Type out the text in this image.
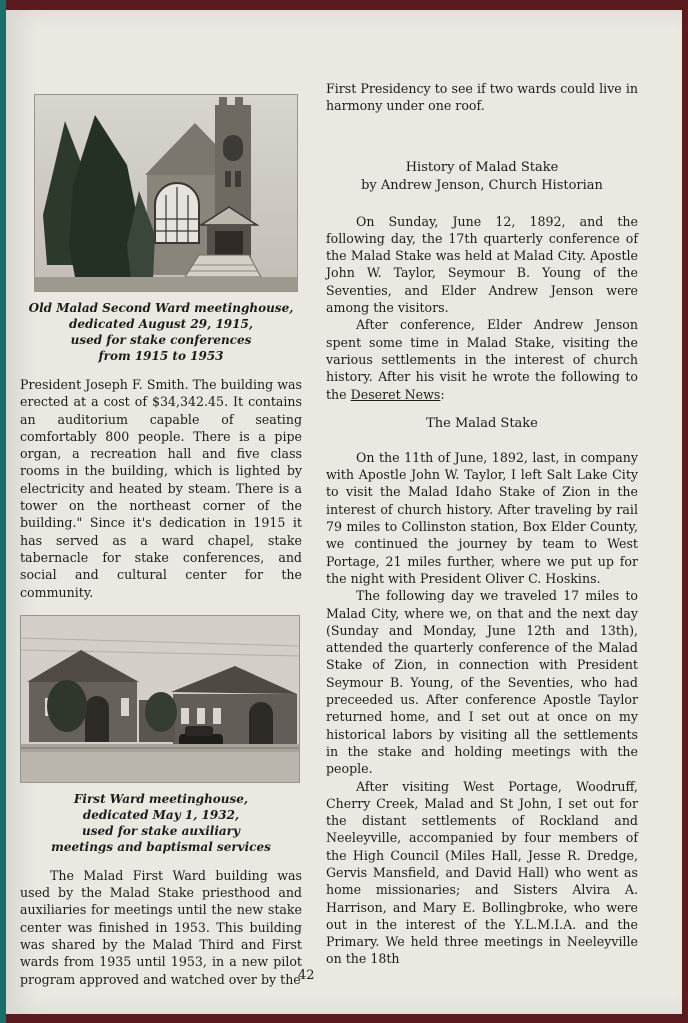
Old Malad Second Ward meetinghouse,
dedicated August 29, 1915,
used for stake conferences
from 1915 to 1953

President Joseph F. Smith. The building was erected at a cost of $34,342.45. It contains an auditorium capable of seating comfortably 800 people. There is a pipe organ, a recreation hall and five class rooms in the building, which is lighted by electricity and heated by steam. There is a tower on the northeast corner of the building." Since it's dedication in 1915 it has served as a ward chapel, stake tabernacle for stake conferences, and social and cultural center for the community.

First Ward meetinghouse,
dedicated May 1, 1932,
used for stake auxiliary
meetings and baptismal services

The Malad First Ward building was used by the Malad Stake priesthood and auxiliaries for meetings until the new stake center was finished in 1953. This building was shared by the Malad Third and First wards from 1935 until 1953, in a new pilot program approved and watched over by the

First Presidency to see if two wards could live in harmony under one roof.

History of Malad Stake
by Andrew Jenson, Church Historian

On Sunday, June 12, 1892, and the following day, the 17th quarterly conference of the Malad Stake was held at Malad City. Apostle John W. Taylor, Seymour B. Young of the Seventies, and Elder Andrew Jenson were among the visitors.

After conference, Elder Andrew Jenson spent some time in Malad Stake, visiting the various settlements in the interest of church history. After his visit he wrote the following to the Deseret News:

The Malad Stake

On the 11th of June, 1892, last, in company with Apostle John W. Taylor, I left Salt Lake City to visit the Malad Idaho Stake of Zion in the interest of church history. After traveling by rail 79 miles to Collinston station, Box Elder County, we continued the journey by team to West Portage, 21 miles further, where we put up for the night with President Oliver C. Hoskins.

The following day we traveled 17 miles to Malad City, where we, on that and the next day (Sunday and Monday, June 12th and 13th), attended the quarterly conference of the Malad Stake of Zion, in connection with President Seymour B. Young, of the Seventies, who had preceeded us. After conference Apostle Taylor returned home, and I set out at once on my historical labors by visiting all the settlements in the stake and holding meetings with the people.

After visiting West Portage, Woodruff, Cherry Creek, Malad and St John, I set out for the distant settlements of Rockland and Neeleyville, accompanied by four members of the High Council (Miles Hall, Jesse R. Dredge, Gervis Mansfield, and David Hall) who went as home missionaries; and Sisters Alvira A. Harrison, and Mary E. Bollingbroke, who were out in the interest of the Y.L.M.I.A. and the Primary. We held three meetings in Neeleyville on the 18th

42
